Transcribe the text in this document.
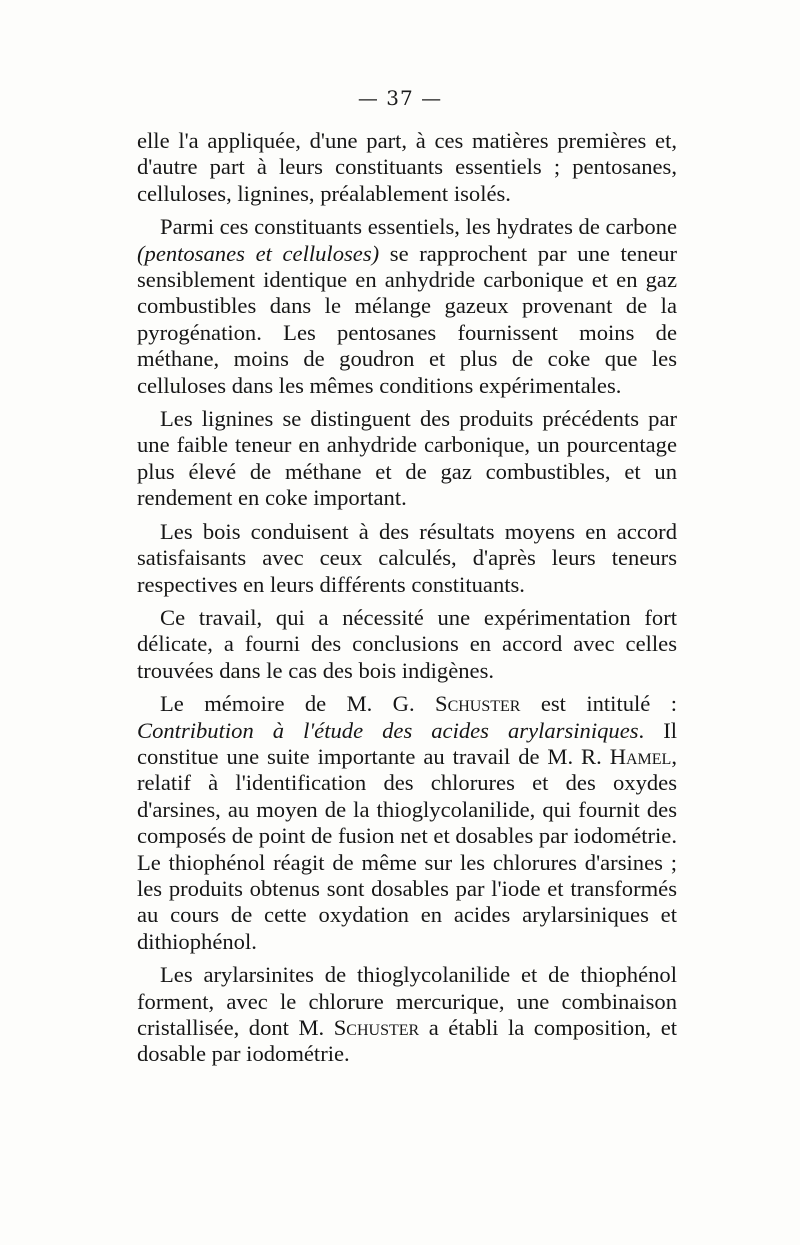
— 37 —

elle l'a appliquée, d'une part, à ces matières premières et, d'autre part à leurs constituants essentiels ; pentosanes, celluloses, lignines, préalablement isolés.

Parmi ces constituants essentiels, les hydrates de carbone (pentosanes et celluloses) se rapprochent par une teneur sensiblement identique en anhydride carbonique et en gaz combustibles dans le mélange gazeux provenant de la pyrogénation. Les pentosanes fournissent moins de méthane, moins de goudron et plus de coke que les celluloses dans les mêmes conditions expérimentales.

Les lignines se distinguent des produits précédents par une faible teneur en anhydride carbonique, un pourcentage plus élevé de méthane et de gaz combustibles, et un rendement en coke important.

Les bois conduisent à des résultats moyens en accord satisfaisants avec ceux calculés, d'après leurs teneurs respectives en leurs différents constituants.

Ce travail, qui a nécessité une expérimentation fort délicate, a fourni des conclusions en accord avec celles trouvées dans le cas des bois indigènes.

Le mémoire de M. G. Schuster est intitulé : Contribution à l'étude des acides arylarsiniques. Il constitue une suite importante au travail de M. R. Hamel, relatif à l'identification des chlorures et des oxydes d'arsines, au moyen de la thioglycolanilide, qui fournit des composés de point de fusion net et dosables par iodométrie. Le thiophénol réagit de même sur les chlorures d'arsines ; les produits obtenus sont dosables par l'iode et transformés au cours de cette oxydation en acides arylarsiniques et dithiophénol.

Les arylarsinites de thioglycolanilide et de thiophénol forment, avec le chlorure mercurique, une combinaison cristallisée, dont M. Schuster a établi la composition, et dosable par iodométrie.
